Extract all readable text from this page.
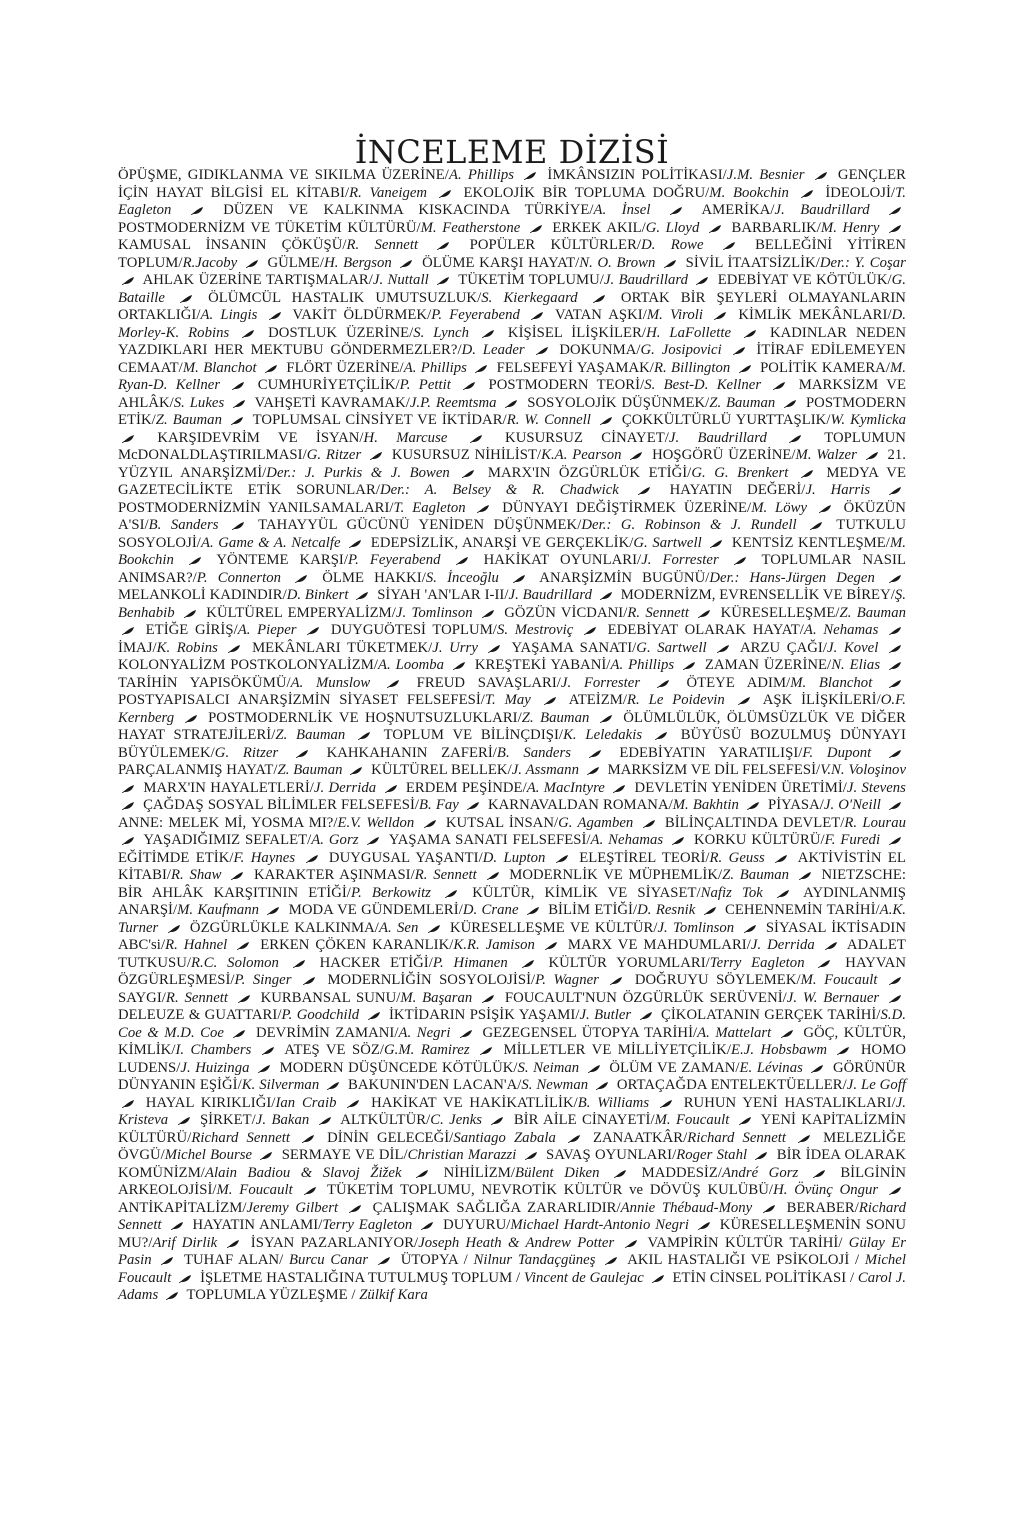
İNCELEME DİZİSİ

ÖPÜŞME, GIDIKLANMA VE SIKILMA ÜZERİNE/A. Phillips İMKÂNSIZIN POLİTİKASI/J.M. Besnier GENÇLER İÇİN HAYAT BİLGİSİ EL KİTABI/R. Vaneigem EKOLOJİK BİR TOPLUMA DOĞRU/M. Bookchin İDEOLOJİ/T. Eagleton	DÜZEN VE KALKINMA KISKACINDA TÜRKİYE/A. İnsel	AMERİKA/J. Baudrillard  POSTMODERNİZM VE TÜKETİM KÜLTÜRÜ/M. Featherstone ERKEK AKIL/G. Lloyd BARBARLIK/M. Henry  KAMUSAL İNSANIN ÇÖKÜŞÜ/R. Sennett	POPÜLER KÜLTÜRLER/D. Rowe	BELLEĞİNİ YİTİREN TOPLUM/R.Jacoby GÜLME/H. Bergson ÖLÜME KARŞI HAYAT/N. O. Brown SİVİL İTAATSİZLİK/Der.: Y. Coşar  AHLAK ÜZERİNE TARTIŞMALAR/J. Nuttall TÜKETİM TOPLUMU/J. Baudrillard EDEBİYAT VE KÖTÜLÜK/G. Bataille	ÖLÜMCÜL HASTALIK UMUTSUZLUK/S. Kierkegaard	ORTAK BİR ŞEYLERİ OLMAYANLARIN ORTAKLIĞI/A. Lingis VAKİT ÖLDÜRMEK/P. Feyerabend VATAN AŞKI/M. Viroli KİMLİK MEKÂNLARI/D. Morley-K. Robins	DOSTLUK ÜZERİNE/S. Lynch	KİŞİSEL İLİŞKİLER/H. LaFollette	KADINLAR NEDEN YAZDIKLARI HER MEKTUBU GÖNDERMEZLER?/D. Leader DOKUNMA/G. Josipovici İTİRAF EDİLEMEYEN CEMAAT/M. Blanchot FLÖRT ÜZERİNE/A. Phillips FELSEFEYİ YAŞAMAK/R. Billington POLİTİK KAMERA/M. Ryan-D. Kellner	CUMHURİYETÇİLİK/P. Pettit	POSTMODERN TEORİ/S. Best-D. Kellner	MARKSİZM VE AHLÂK/S. Lukes VAHŞETİ KAVRAMAK/J.P. Reemtsma SOSYOLOJİK DÜŞÜNMEK/Z. Bauman POSTMODERN ETİK/Z. Bauman TOPLUMSAL CİNSİYET VE İKTİDAR/R. W. Connell ÇOKKÜLTÜRLÜ YURTTAŞLIK/W. Kymlicka  KARŞIDEVRİM VE İSYAN/H. Marcuse	KUSURSUZ CİNAYET/J. Baudrillard	TOPLUMUN McDONALDLAŞTIRILMASI/G. Ritzer KUSURSUZ NİHİLİST/K.A. Pearson HOŞGÖRÜ ÜZERİNE/M. Walzer 21. YÜZYIL ANARŞİZMİ/Der.: J. Purkis & J. Bowen	MARX'IN ÖZGÜRLÜK ETİĞİ/G. G. Brenkert	MEDYA VE GAZETECİLİKTE ETİK SORUNLAR/Der.: A. Belsey & R. Chadwick	HAYATIN DEĞERİ/J. Harris  POSTMODERNİZMİN YANILSAMALARI/T. Eagleton DÜNYAYI DEĞİŞTİRMEK ÜZERİNE/M. Löwy ÖKÜZÜN A'SI/B. Sanders	TAHAYYÜL GÜCÜNÜ YENİDEN DÜŞÜNMEK/Der.: G. Robinson & J. Rundell	TUTKULU SOSYOLOJİ/A. Game & A. Netcalfe EDEPSİZLİK, ANARŞİ VE GERÇEKLİK/G. Sartwell KENTSİZ KENTLEŞME/M. Bookchin	YÖNTEME KARŞI/P. Feyerabend	HAKİKAT OYUNLARI/J. Forrester	TOPLUMLAR NASIL ANIMSAR?/P. Connerton	ÖLME HAKKI/S. İnceoğlu	ANARŞİZMİN BUGÜNÜ/Der.: Hans-Jürgen Degen  MELANKOLİ KADINDIR/D. Binkert SİYAH 'AN'LAR I-II/J. Baudrillard MODERNİZM, EVRENSELLİK VE BİREY/Ş. Benhabib KÜLTÜREL EMPERYALİZM/J. Tomlinson GÖZÜN VİCDANI/R. Sennett KÜRESELLEŞME/Z. Bauman  ETİĞE GİRİŞ/A. Pieper DUYGUÖTESİ TOPLUM/S. Mestroviç EDEBİYAT OLARAK HAYAT/A. Nehamas  İMAJ/K. Robins MEKÂNLARI TÜKETMEK/J. Urry YAŞAMA SANATI/G. Sartwell ARZU ÇAĞI/J. Kovel  KOLONYALİZM POSTKOLONYALİZM/A. Loomba KREŞTEKİ YABANİ/A. Phillips ZAMAN ÜZERİNE/N. Elias  TARİHİN YAPISÖKÜMÜ/A. Munslow	FREUD SAVAŞLARI/J. Forrester	ÖTEYE ADIM/M. Blanchot  POSTYAPISALCI ANARŞİZMİN SİYASET FELSEFESİ/T. May	ATEİZM/R. Le Poidevin	AŞK İLİŞKİLERİ/O.F. Kernberg POSTMODERNLİK VE HOŞNUTSUZLUKLARI/Z. Bauman ÖLÜMLÜLÜK, ÖLÜMSÜZLÜK VE DİĞER HAYAT STRATEJİLERİ/Z. Bauman	TOPLUM VE BİLİNÇDIŞI/K. Leledakis	BÜYÜSÜ BOZULMUŞ DÜNYAYI BÜYÜLEMEK/G. Ritzer	KAHKAHANIN ZAFERİ/B. Sanders	EDEBİYATIN YARATILIŞI/F. Dupont  PARÇALANMIŞ HAYAT/Z. Bauman KÜLTÜREL BELLEK/J. Assmann MARKSİZM VE DİL FELSEFESİ/V.N. Voloşinov  MARX'IN HAYALETLERİ/J. Derrida ERDEM PEŞİNDE/A. MacIntyre DEVLETİN YENİDEN ÜRETİMİ/J. Stevens  ÇAĞDAŞ SOSYAL BİLİMLER FELSEFESİ/B. Fay KARNAVALDAN ROMANA/M. Bakhtin PİYASA/J. O'Neill  ANNE: MELEK Mİ, YOSMA MI?/E.V. Welldon KUTSAL İNSAN/G. Agamben BİLİNÇALTINDA DEVLET/R. Lourau  YAŞADIĞIMIZ SEFALET/A. Gorz YAŞAMA SANATI FELSEFESİ/A. Nehamas KORKU KÜLTÜRÜ/F. Furedi  EĞİTİMDE ETİK/F. Haynes DUYGUSAL YAŞANTI/D. Lupton ELEŞTİREL TEORİ/R. Geuss AKTİVİSTİN EL KİTABI/R. Shaw KARAKTER AŞINMASI/R. Sennett MODERNLİK VE MÜPHEMLİK/Z. Bauman NIETZSCHE: BİR AHLÂK KARŞITININ ETİĞİ/P. Berkowitz	KÜLTÜR, KİMLİK VE SİYASET/Nafiz Tok	AYDINLANMIŞ ANARŞİ/M. Kaufmann MODA VE GÜNDEMLERİ/D. Crane BİLİM ETİĞİ/D. Resnik CEHENNEMİN TARİHİ/A.K. Turner ÖZGÜRLÜKLE KALKINMA/A. Sen KÜRESELLEŞME VE KÜLTÜR/J. Tomlinson SİYASAL İKTİSADIN ABC'si/R. Hahnel ERKEN ÇÖKEN KARANLIK/K.R. Jamison MARX VE MAHDUMLARI/J. Derrida ADALET TUTKUSU/R.C. Solomon	HACKER ETİĞİ/P. Himanen	KÜLTÜR YORUMLARI/Terry Eagleton	HAYVAN ÖZGÜRLEŞMESİ/P. Singer MODERNLİĞİN SOSYOLOJİSİ/P. Wagner DOĞRUYU SÖYLEMEK/M. Foucault  SAYGI/R. Sennett KURBANSAL SUNU/M. Başaran FOUCAULT'NUN ÖZGÜRLÜK SERÜVENİ/J. W. Bernauer  DELEUZE & GUATTARI/P. Goodchild İKTİDARIN PSİŞİK YAŞAMI/J. Butler ÇİKOLATANIN GERÇEK TARİHİ/S.D. Coe & M.D. Coe DEVRİMİN ZAMANI/A. Negri GEZEGENSEL ÜTOPYA TARİHİ/A. Mattelart GÖÇ, KÜLTÜR, KİMLİK/I. Chambers ATEŞ VE SÖZ/G.M. Ramirez MİLLETLER VE MİLLİYETÇİLİK/E.J. Hobsbawm HOMO LUDENS/J. Huizinga MODERN DÜŞÜNCEDE KÖTÜLÜK/S. Neiman ÖLÜM VE ZAMAN/E. Lévinas GÖRÜNÜR DÜNYANIN EŞİĞİ/K. Silverman BAKUNIN'DEN LACAN'A/S. Newman ORTAÇAĞDA ENTELEKTÜELLER/J. Le Goff  HAYAL KIRIKLIĞI/Ian Craib HAKİKAT VE HAKİKATLİLİK/B. Williams RUHUN YENİ HASTALIKLARI/J. Kristeva ŞİRKET/J. Bakan ALTKÜLTÜR/C. Jenks BİR AİLE CİNAYETİ/M. Foucault YENİ KAPİTALİZMİN KÜLTÜRÜ/Richard Sennett	DİNİN GELECEĞİ/Santiago Zabala	ZANAATKÂR/Richard Sennett	MELEZLİĞE ÖVGÜ/Michel Bourse SERMAYE VE DİL/Christian Marazzi SAVAŞ OYUNLARI/Roger Stahl BİR İDEA OLARAK KOMÜNİZM/Alain Badiou & Slavoj Žižek	NİHİLİZM/Bülent Diken	MADDESİZ/André Gorz	BİLGİNİN ARKEOLOJİSİ/M. Foucault TÜKETİM TOPLUMU, NEVROTİK KÜLTÜR ve DÖVÜŞ KULÜBÜ/H. Övünç Ongur  ANTİKAPİTALİZM/Jeremy Gilbert ÇALIŞMAK SAĞLIĞA ZARARLIDIR/Annie Thébaud-Mony BERABER/Richard Sennett HAYATIN ANLAMI/Terry Eagleton DUYURU/Michael Hardt-Antonio Negri KÜRESELLEŞMENİN SONU MU?/Arif Dirlik İSYAN PAZARLANIYOR/Joseph Heath & Andrew Potter VAMPİRİN KÜLTÜR TARİHİ/ Gülay Er Pasin TUHAF ALAN/ Burcu Canar ÜTOPYA / Nilnur Tandaçgüneş AKIL HASTALIĞI VE PSİKOLOJİ / Michel Foucault İŞLETME HASTALIĞINA TUTULMUŞ TOPLUM / Vincent de Gaulejac ETİN CİNSEL POLİTİKASI / Carol J. Adams TOPLUMLA YÜZLEŞME / Zülkif Kara
